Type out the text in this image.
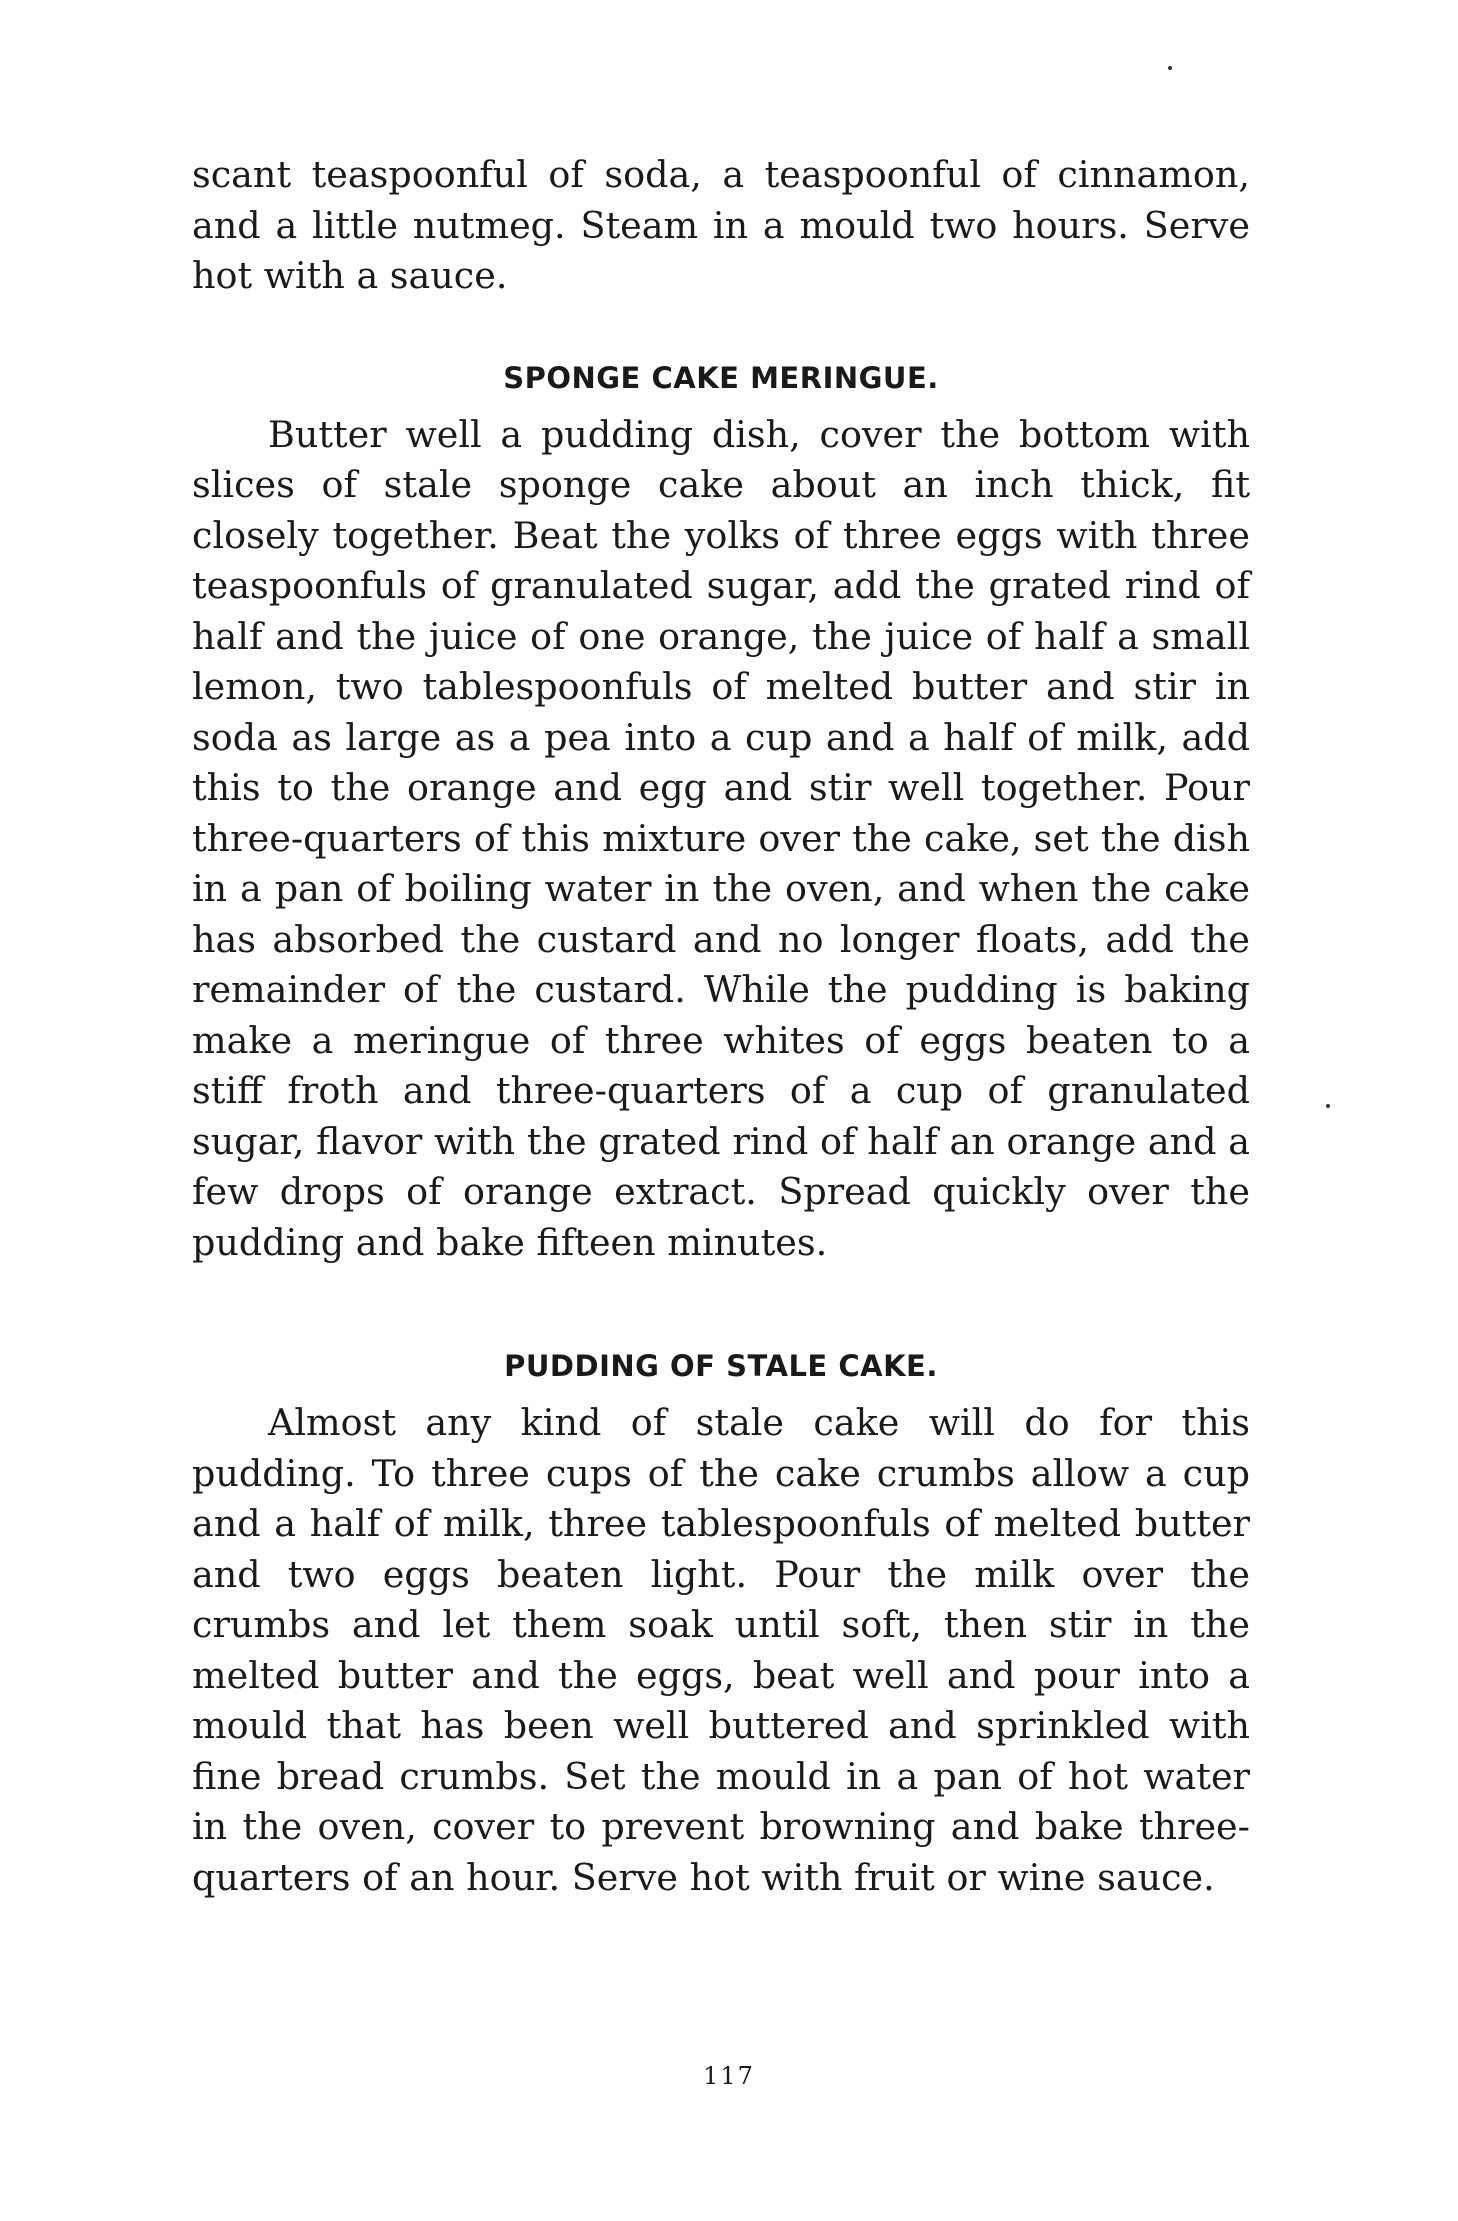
scant teaspoonful of soda, a teaspoonful of cinnamon, and a little nutmeg. Steam in a mould two hours. Serve hot with a sauce.

SPONGE CAKE MERINGUE.

Butter well a pudding dish, cover the bottom with slices of stale sponge cake about an inch thick, fit closely together. Beat the yolks of three eggs with three teaspoonfuls of granulated sugar, add the grated rind of half and the juice of one orange, the juice of half a small lemon, two tablespoonfuls of melted butter and stir in soda as large as a pea into a cup and a half of milk, add this to the orange and egg and stir well together. Pour three-quarters of this mixture over the cake, set the dish in a pan of boiling water in the oven, and when the cake has absorbed the custard and no longer floats, add the remainder of the custard. While the pudding is baking make a meringue of three whites of eggs beaten to a stiff froth and three-quarters of a cup of granulated sugar, flavor with the grated rind of half an orange and a few drops of orange extract. Spread quickly over the pudding and bake fifteen minutes.

PUDDING OF STALE CAKE.

Almost any kind of stale cake will do for this pudding. To three cups of the cake crumbs allow a cup and a half of milk, three tablespoonfuls of melted butter and two eggs beaten light. Pour the milk over the crumbs and let them soak until soft, then stir in the melted butter and the eggs, beat well and pour into a mould that has been well buttered and sprinkled with fine bread crumbs. Set the mould in a pan of hot water in the oven, cover to prevent browning and bake three-quarters of an hour. Serve hot with fruit or wine sauce.

117
